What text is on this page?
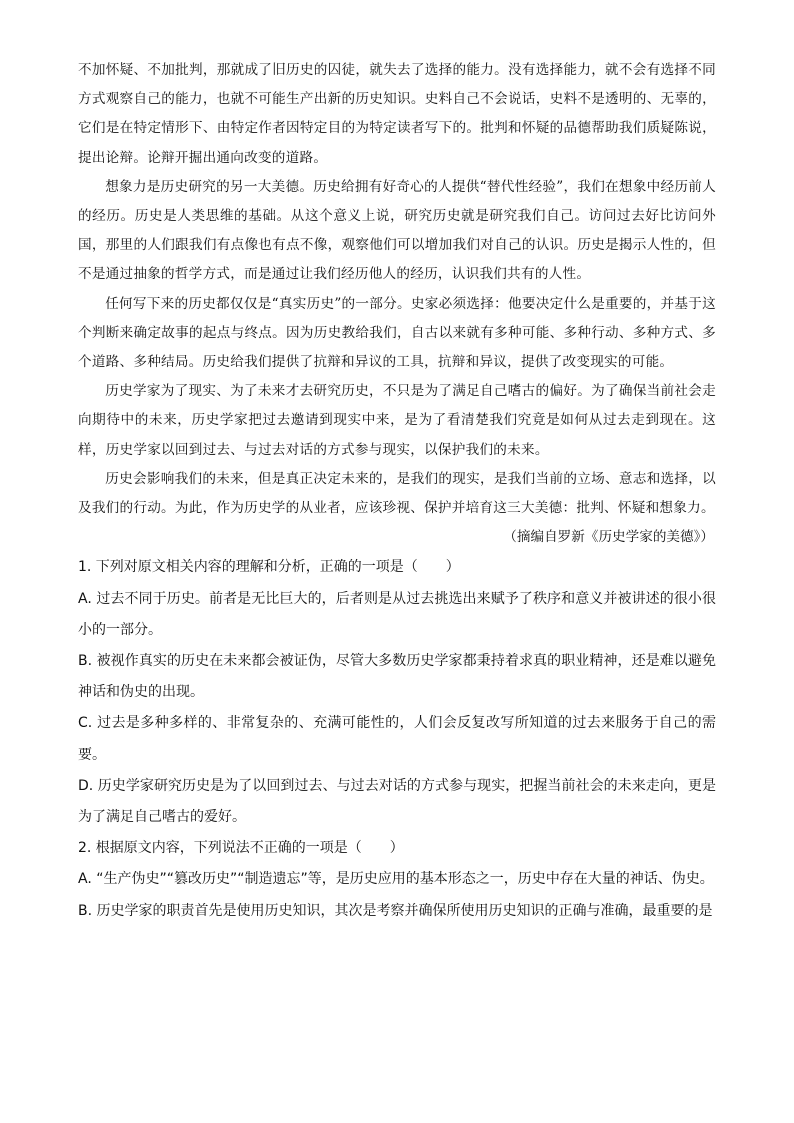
不加怀疑、不加批判，那就成了旧历史的囚徒，就失去了选择的能力。没有选择能力，就不会有选择不同方式观察自己的能力，也就不可能生产出新的历史知识。史料自己不会说话，史料不是透明的、无辜的，它们是在特定情形下、由特定作者因特定目的为特定读者写下的。批判和怀疑的品德帮助我们质疑陈说，提出论辩。论辩开掘出通向改变的道路。

想象力是历史研究的另一大美德。历史给拥有好奇心的人提供“替代性经验”，我们在想象中经历前人的经历。历史是人类思维的基础。从这个意义上说，研究历史就是研究我们自己。访问过去好比访问外国，那里的人们跟我们有点像也有点不像，观察他们可以增加我们对自己的认识。历史是揭示人性的，但不是通过抽象的哲学方式，而是通过让我们经历他人的经历，认识我们共有的人性。

任何写下来的历史都仅仅是“真实历史”的一部分。史家必须选择：他要决定什么是重要的，并基于这个判断来确定故事的起点与终点。因为历史教给我们，自古以来就有多种可能、多种行动、多种方式、多个道路、多种结局。历史给我们提供了抗辩和异议的工具，抗辩和异议，提供了改变现实的可能。

历史学家为了现实、为了未来才去研究历史，不只是为了满足自己嗜古的偏好。为了确保当前社会走向期待中的未来，历史学家把过去邀请到现实中来，是为了看清楚我们究竟是如何从过去走到现在。这样，历史学家以回到过去、与过去对话的方式参与现实，以保护我们的未来。

历史会影响我们的未来，但是真正决定未来的，是我们的现实，是我们当前的立场、意志和选择，以及我们的行动。为此，作为历史学的从业者，应该珍视、保护并培育这三大美德：批判、怀疑和想象力。

（摘编自罗新《历史学家的美德》）

1. 下列对原文相关内容的理解和分析，正确的一项是（　　）

A. 过去不同于历史。前者是无比巨大的，后者则是从过去挑选出来赋予了秩序和意义并被讲述的很小很小的一部分。

B. 被视作真实的历史在未来都会被证伪，尽管大多数历史学家都秉持着求真的职业精神，还是难以避免神话和伪史的出现。

C. 过去是多种多样的、非常复杂的、充满可能性的，人们会反复改写所知道的过去来服务于自己的需要。

D. 历史学家研究历史是为了以回到过去、与过去对话的方式参与现实，把握当前社会的未来走向，更是为了满足自己嗜古的爱好。

2. 根据原文内容，下列说法不正确的一项是（　　）

A. “生产伪史”“篡改历史”“制造遗忘”等，是历史应用的基本形态之一，历史中存在大量的神话、伪史。

B. 历史学家的职责首先是使用历史知识，其次是考察并确保所使用历史知识的正确与准确，最重要的是
